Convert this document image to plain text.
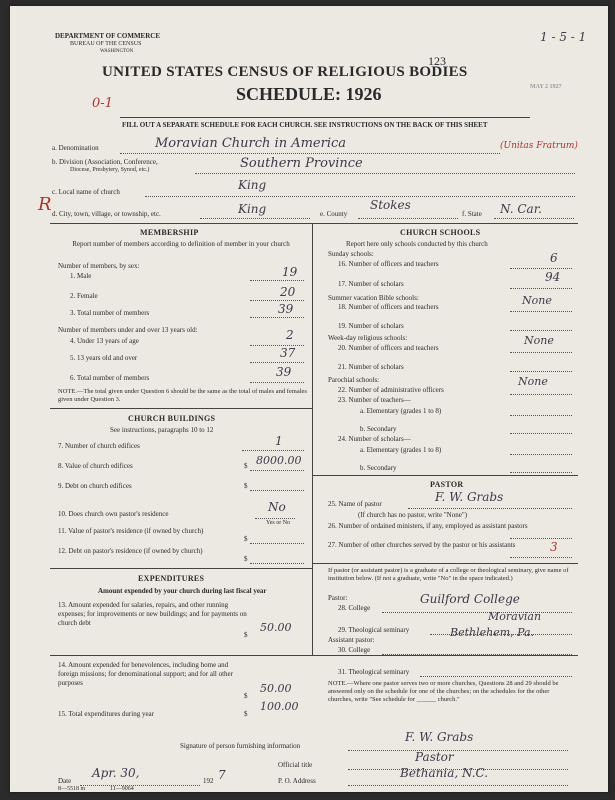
DEPARTMENT OF COMMERCE
BUREAU OF THE CENSUS
WASHINGTON
123
1 - 5 - 1
MAY 2 1927
0-1
UNITED STATES CENSUS OF RELIGIOUS BODIES
SCHEDULE: 1926
FILL OUT A SEPARATE SCHEDULE FOR EACH CHURCH. SEE INSTRUCTIONS ON THE BACK OF THIS SHEET
a. Denomination	Moravian Church in America	(Unitas Fratrum)
b. Division (Association, Conference,
Diocese, Presbytery, Synod, etc.)	Southern Province
c. Local name of church	King
R d. City, town, village, or township, etc.	King	e. County
Stokes
f. State N. Car.
MEMBERSHIP
Report number of members according to definition of member in your church
Number of members, by sex:
1. Male	19
2. Female	20
3. Total number of members	39
Number of members under and over 13 years old:
4. Under 13 years of age	2
5. 13 years old and over	37
6. Total number of members	39
NOTE.—The total given under Question 6 should be the same as the total of males and females given under Question 3.
CHURCH BUILDINGS
See instructions, paragraphs 10 to 12
7. Number of church edifices	1
8. Value of church edifices	$ 8000.00
9. Debt on church edifices	$
10. Does church own pastor's residence	No
Yes or No
11. Value of pastor's residence (if owned by church)
$
12. Debt on pastor's residence (if owned by church)
$
EXPENDITURES
Amount expended by your church during last fiscal year
13. Amount expended for salaries, repairs, and other running expenses; for improvements or new buildings; and for payments on church debt
$
50.00
CHURCH SCHOOLS
Report here only schools conducted by this church
Sunday schools:
16. Number of officers and teachers	6
17. Number of scholars	94
Summer vacation Bible schools:
18. Number of officers and teachers	None
19. Number of scholars
Week-day religious schools:
20. Number of officers and teachers
None
21. Number of scholars
Parochial schools:
22. Number of administrative officers
None
23. Number of teachers—
a. Elementary (grades 1 to 8)
b. Secondary
24. Number of scholars—
a. Elementary (grades 1 to 8)
b. Secondary
PASTOR
25. Name of pastor	F. W. Grabs
(If church has no pastor, write "None")
26. Number of ordained ministers, if any, employed as assistant pastors
27. Number of other churches served by the pastor or his assistants	3
If pastor (or assistant pastor) is a graduate of a college or theological seminary, give name of institution below. (If not a graduate, write "No" in the space indicated.)
Pastor:
28. College
Guilford College
29. Theological seminary
Moravian
Bethlehem, Pa.
Assistant pastor:
30. College
14. Amount expended for benevolences, including home and foreign missions; for denominational support; and for all other purposes
$
50.00
15. Total expenditures during year	$
100.00
31. Theological seminary
NOTE.—Where one pastor serves two or more churches, Questions 28 and 29 should be answered only on the schedule for one of the churches; on the schedules for the other churches, write "See schedule for ______ church."
Signature of person furnishing information
F. W. Grabs
Official title
Pastor
Date
Apr. 30,
192 7	P. O. Address
Bethania, N.C.
8—5518 m	11—9064
